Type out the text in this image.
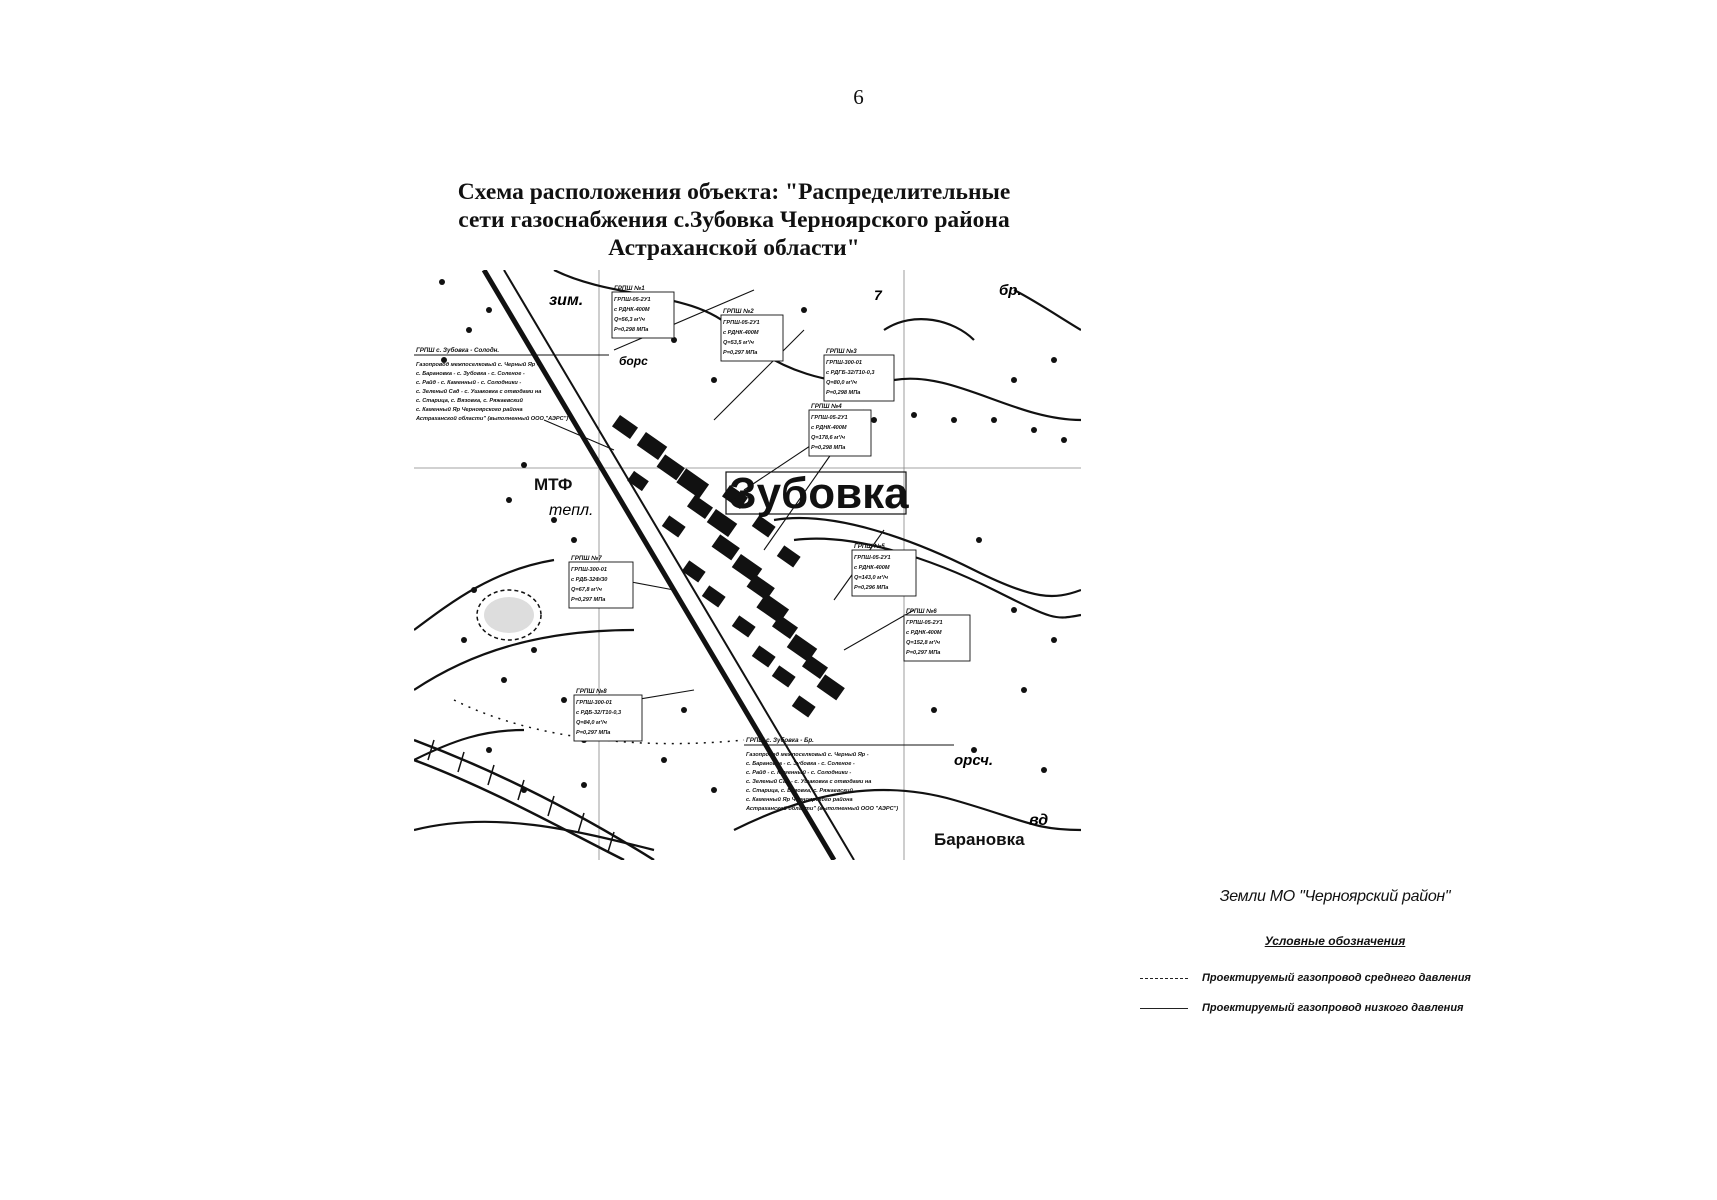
6
Схема расположения объекта: "Распределительные
сети газоснабжения с.Зубовка Черноярского района
Астраханской области"
Зубовка
МТФ
тепл.
зим.
бр.
Барановка
вд
орсч.
борс
7
ГРПШ с. Зубовка - Солодн.
Газопровод межпоселковый с. Черный Яр -
с. Барановка - с. Зубовка - с. Соленое -
с. Райд - с. Каменный - с. Солодники -
с. Зеленый Сад - с. Ушаковка с отводами на
с. Старица, с. Вязовка, с. Ряжаевский
с. Каменный Яр Черноярского района
Астраханской области" (выполненный ООО "АЭРС")
ГРПШ с. Зубовка - Бр.
Газопровод межпоселковый с. Черный Яр -
с. Барановка - с. Зубовка - с. Соленое -
с. Райд - с. Каменный - с. Солодники -
с. Зеленый Сад - с. Ушаковка с отводами на
с. Старица, с. Вязовка, с. Ряжаевский
с. Каменный Яр Черноярского района
Астраханской области" (выполненный ООО "АЭРС")
ГРПШ №1
ГРПШ-05-2У1
с РДНК-400М
Q=56,3 м³/ч
P=0,298 МПа
ГРПШ №2
ГРПШ-05-2У1
с РДНК-400М
Q=53,5 м³/ч
P=0,297 МПа	ГРПШ №3
ГРПШ-300-01
с РДГБ-32/Т10-0,3
Q=80,0 м³/ч
P=0,298 МПа
ГРПШ №4
ГРПШ-05-2У1
с РДНК-400М
Q=178,6 м³/ч
P=0,298 МПа
ГРПШ №5
ГРПШ-05-2У1
с РДНК-400М
Q=143,0 м³/ч
P=0,296 МПа
ГРПШ №6
ГРПШ-05-2У1
с РДНК-400М
Q=152,8 м³/ч
P=0,297 МПа
ГРПШ №7
ГРПШ-300-01
с РДБ-32Ф/30
Q=67,8 м³/ч
P=0,297 МПа
ГРПШ №8
ГРПШ-300-01
с РДБ-32/Т10-0,3
Q=84,0 м³/ч
P=0,297 МПа
Земли МО "Черноярский район"
Условные обозначения
Проектируемый газопровод среднего давления
Проектируемый газопровод низкого давления
